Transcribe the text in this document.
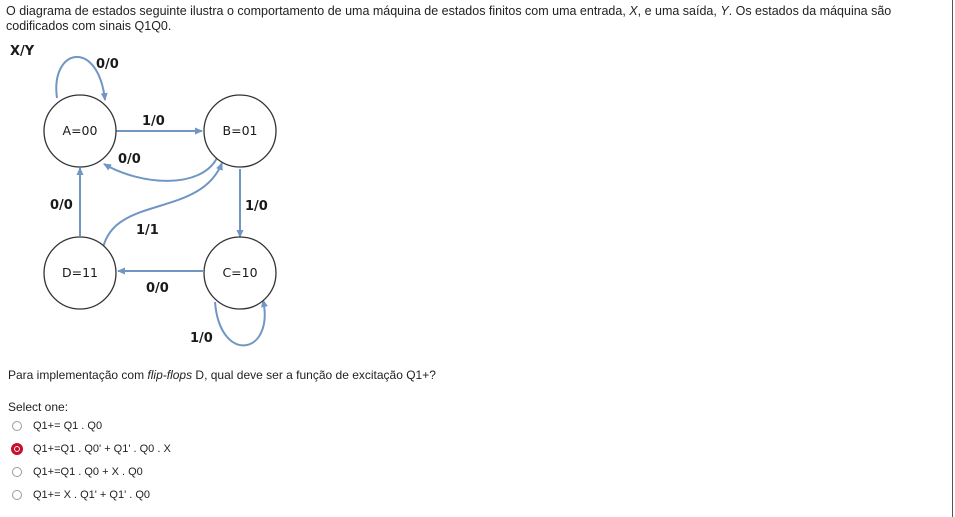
O diagrama de estados seguinte ilustra o comportamento de uma máquina de estados finitos com uma entrada, X, e uma saída, Y. Os estados da máquina são codificados com sinais Q1Q0.
A=00	B=01
C=10
D=11
X/Y
0/0
1/0
0/0
0/0	1/0
1/1
0/0
1/0
Para implementação com flip-flops D, qual deve ser a função de excitação Q1+?
Select one:
Q1+= Q1 . Q0
Q1+=Q1 . Q0' + Q1' . Q0 . X
Q1+=Q1 . Q0 + X . Q0
Q1+= X . Q1' + Q1' . Q0
